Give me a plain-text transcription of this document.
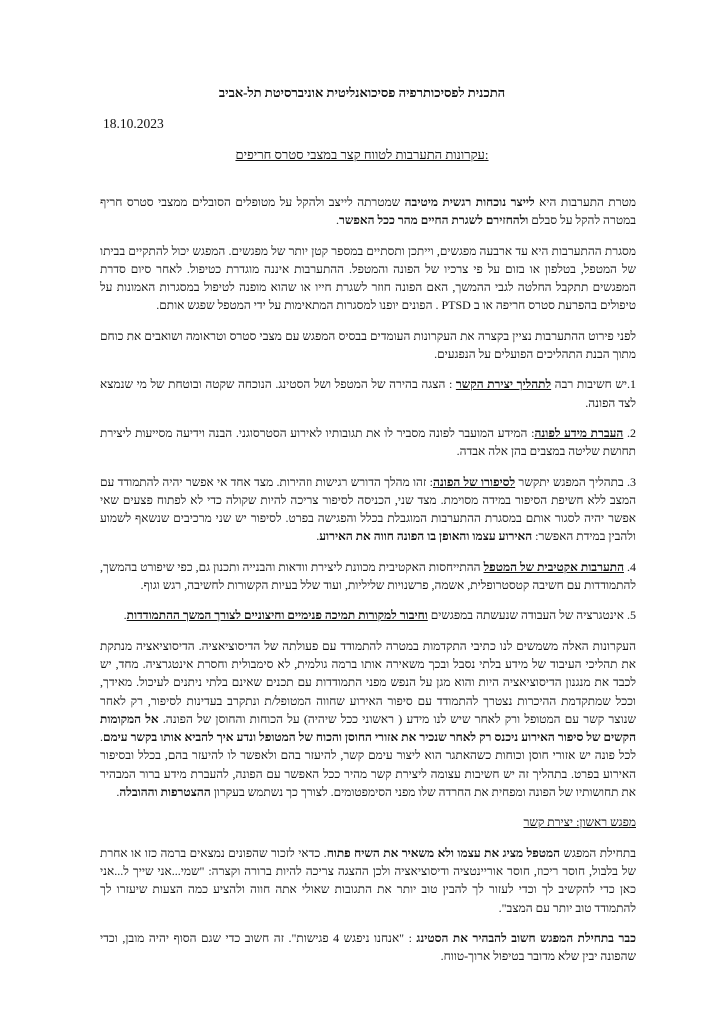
התכנית לפסיכותרפיה פסיכואנליטית אוניברסיטת תל-אביב
18.10.2023
עקרונות התערבות לטווח קצר במצבי סטרס חריפים:

מטרת התערבות היא לייצר נוכחות רגשית מיטיבה שמטרתה לייצב ולהקל על מטופלים הסובלים ממצבי סטרס חריף במטרה להקל על סבלם ולהחזירם לשגרת החיים מהר ככל האפשר.

מסגרת ההתערבות היא עד ארבעה מפגשים, וייתכן ותסתיים במספר קטן יותר של מפגשים. המפגש יכול להתקיים בביתו של המטפל, בטלפון או בזום על פי צרכיו של הפונה והמטפל. ההתערבות איננה מוגדרת כטיפול. לאחר סיום סדרת המפגשים תתקבל החלטה לגבי ההמשך, האם הפונה חוזר לשגרת חייו או שהוא מופנה לטיפול במסגרות האמונות על טיפולים בהפרעת סטרס חריפה או ב PTSD . הפונים יופנו למסגרות המתאימות על ידי המטפל שפגש אותם.

לפני פירוט ההתערבות נציין בקצרה את העקרונות העומדים בבסיס המפגש עם מצבי סטרס וטראומה ושואבים את כוחם מתוך הבנת התהליכים הפועלים על הנפגעים.

1.יש חשיבות רבה לתהליך יצירת הקשר : הצגה בהירה של המטפל ושל הסטינג. הנוכחה שקטה ובוטחת של מי שנמצא לצד הפונה.

2. העברת מידע לפונה: המידע המועבר לפונה מסביר לו את תגובותיו לאירוע הסטרסוגני. הבנה וידיעה מסייעות ליצירת תחושת שליטה במצבים בהן אלה אבדה.

3. בתהליך המפגש יתקשר לסיפורו של הפונה: זהו מהלך הדורש רגישות וזהירות. מצד אחד אי אפשר יהיה להתמודד עם המצב ללא חשיפת הסיפור במידה מסוימת. מצד שני, הכניסה לסיפור צריכה להיות שקולה כדי לא לפתוח פצעים שאי אפשר יהיה לסגור אותם במסגרת ההתערבות המוגבלת בכלל והפגישה בפרט. לסיפור יש שני מרכיבים שנשאף לשמוע ולהבין במידת האפשר: האירוע עצמו והאופן בו הפונה חווה את האירוע.

4. התערבות אקטיבית של המטפל ההתייחסות האקטיבית מכוונת ליצירת וודאות והבנייה ותכנון גם, כפי שיפורט בהמשך, להתמודדות עם חשיבה קטסטרופלית, אשמה, פרשנויות שליליות, ועוד שלל בעיות הקשורות לחשיבה, רגש וגוף.

5. אינטגרציה של העבודה שנעשתה במפגשים וחיבור למקורות תמיכה פנימיים וחיצוניים לצורך המשך ההתמודדות.

העקרונות האלה משמשים לנו כתיבי התקדמות במטרה להתמודד עם פעולתה של הדיסוציאציה. הדיסוציאציה מנתקת את תהליכי העיבוד של מידע בלתי נסבל ובכך משאירה אותו ברמה גולמית, לא סימבולית וחסרת אינטגרציה. מחד, יש לכבד את מנגנון הדיסוציאציה היות והוא מגן על הנפש מפני התמודדות עם תכנים שאינם בלתי ניתנים לעיכול. מאידך, וככל שמתקדמת ההיכרות נצטרך להתמודד עם סיפור האירוע שחווה המטופל/ת ונתקרב בעדינות לסיפור, רק לאחר שנוצר קשר עם המטופל ורק לאחר שיש לנו מידע ( ראשוני ככל שיהיה) על הכוחות והחוסן של הפונה. אל המקומות הקשים של סיפור האירוע ניכנס רק לאחר שנכיר את אזורי החוסן והכוח של המטופל ונדע איך להביא אותו בקשר עימם. לכל פונה יש אזורי חוסן וכוחות כשהאתגר הוא ליצור עימם קשר, להיעזר בהם ולאפשר לו להיעזר בהם, בכלל ובסיפור האירוע בפרט. בתהליך זה יש חשיבות עצומה ליצירת קשר מהיר ככל האפשר עם הפונה, להעברת מידע ברור המבהיר את תחושותיו של הפונה ומפחית את החרדה שלו מפני הסימפטומים. לצורך כך נשתמש בעקרון ההצטרפות וההובלה.

מפגש ראשון: יצירת קשר

בתחילת המפגש המטפל מציג את עצמו ולא משאיר את השיח פתוח. כדאי לזכור שהפונים נמצאים ברמה כזו או אחרת של בלבול, חוסר ריכוז, חוסר אוריינטציה ודיסוציאציה ולכן ההצגה צריכה להיות ברורה וקצרה: "שמי...אני שייך ל...אני כאן כדי להקשיב לך וכדי לעזור לך להבין טוב יותר את התגובות שאולי אתה חווה ולהציע כמה הצעות שיעזרו לך להתמודד טוב יותר עם המצב".

כבר בתחילת המפגש חשוב להבהיר את הסטינג : "אנחנו ניפגש 4 פגישות". זה חשוב כדי שגם הסוף יהיה מובן, וכדי שהפונה יבין שלא מדובר בטיפול ארוך-טווח.
